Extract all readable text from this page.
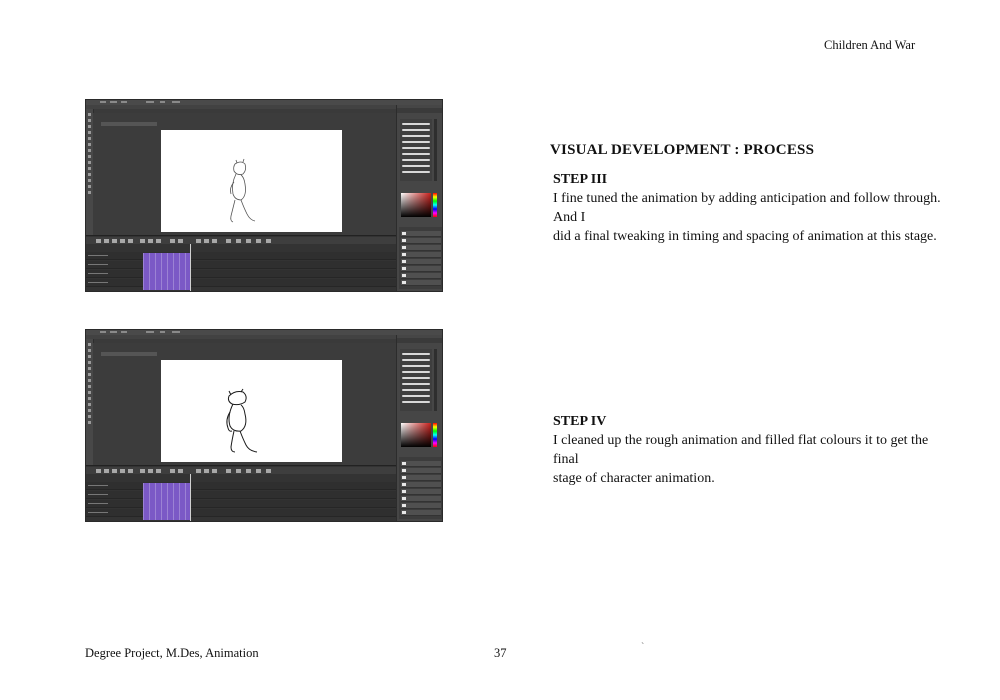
Children And War
VISUAL DEVELOPMENT : PROCESS
STEP III
I fine tuned the animation by adding anticipation and follow through. And I
did a final tweaking in timing and spacing of animation at this stage.
STEP IV
I cleaned up the rough animation and filled flat colours it to get the final
stage of character animation.
Degree Project, M.Des, Animation	37	`
